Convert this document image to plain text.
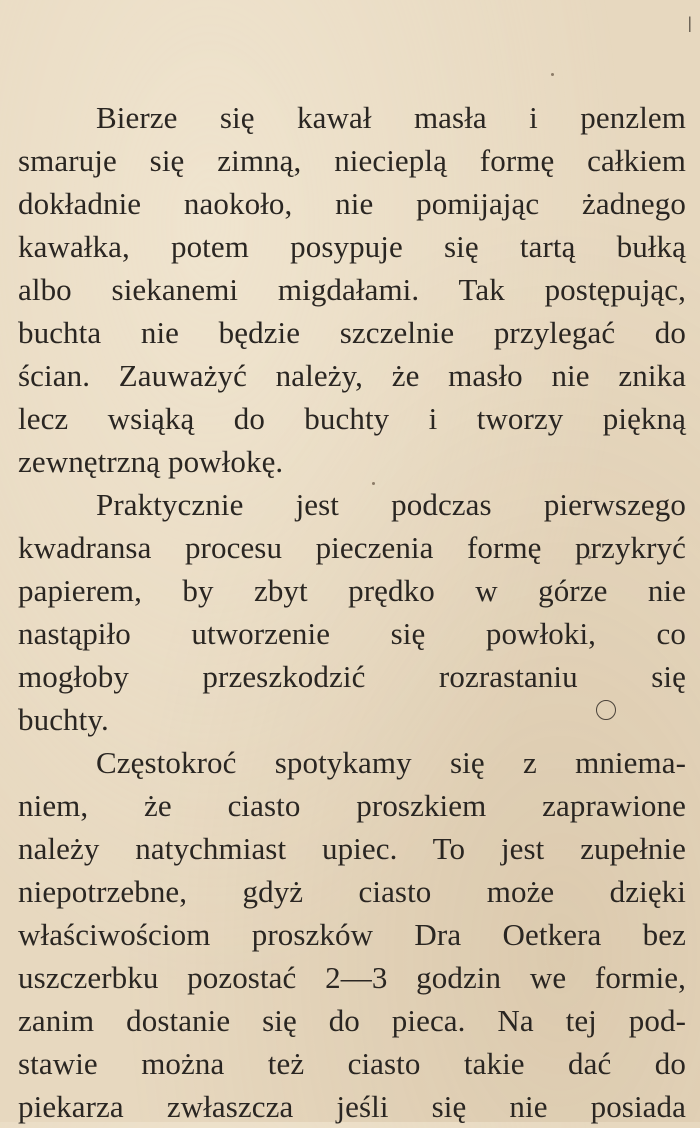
ǀ
Bierze się kawał masła i penzlem
smaruje się zimną, niecieplą formę całkiem
dokładnie naokoło, nie pomijając żadnego
kawałka, potem posypuje się tartą bułką
albo siekanemi migdałami. Tak postępując,
buchta nie będzie szczelnie przylegać do
ścian. Zauważyć należy, że masło nie znika
lecz wsiąką do buchty i tworzy piękną
zewnętrzną powłokę.
Praktycznie jest podczas pierwszego
kwadransa procesu pieczenia formę przykryć
papierem, by zbyt prędko w górze nie
nastąpiło utworzenie się powłoki, co
mogłoby przeszkodzić rozrastaniu się
buchty.
Częstokroć spotykamy się z mniema-
niem, że ciasto proszkiem zaprawione
należy natychmiast upiec. To jest zupełnie
niepotrzebne, gdyż ciasto może dzięki
właściwościom proszków Dra Oetkera bez
uszczerbku pozostać 2—3 godzin we formie,
zanim dostanie się do pieca. Na tej pod-
stawie można też ciasto takie dać do
piekarza zwłaszcza jeśli się nie posiada
